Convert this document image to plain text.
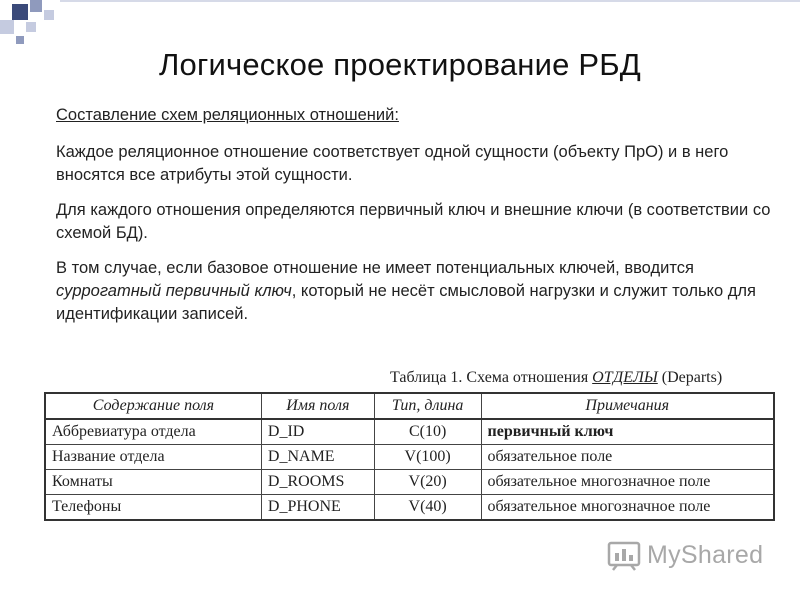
Логическое проектирование РБД
Составление схем реляционных отношений:
Каждое реляционное отношение соответствует одной сущности (объекту ПрО) и в него вносятся все атрибуты этой сущности.
Для каждого отношения определяются первичный ключ и внешние ключи (в соответствии со схемой БД).
В том случае, если базовое отношение не имеет потенциальных ключей, вводится суррогатный первичный ключ, который не несёт смысловой нагрузки и служит только для идентификации записей.
Таблица 1. Схема отношения ОТДЕЛЫ (Departs)
Содержание поля	Имя поля	Тип, длина	Примечания
Аббревиатура отдела	D_ID	C(10)	первичный ключ
Название отдела	D_NAME	V(100)	обязательное поле
Комнаты	D_ROOMS	V(20)	обязательное многозначное поле
Телефоны	D_PHONE	V(40)	обязательное многозначное поле
MyShared
